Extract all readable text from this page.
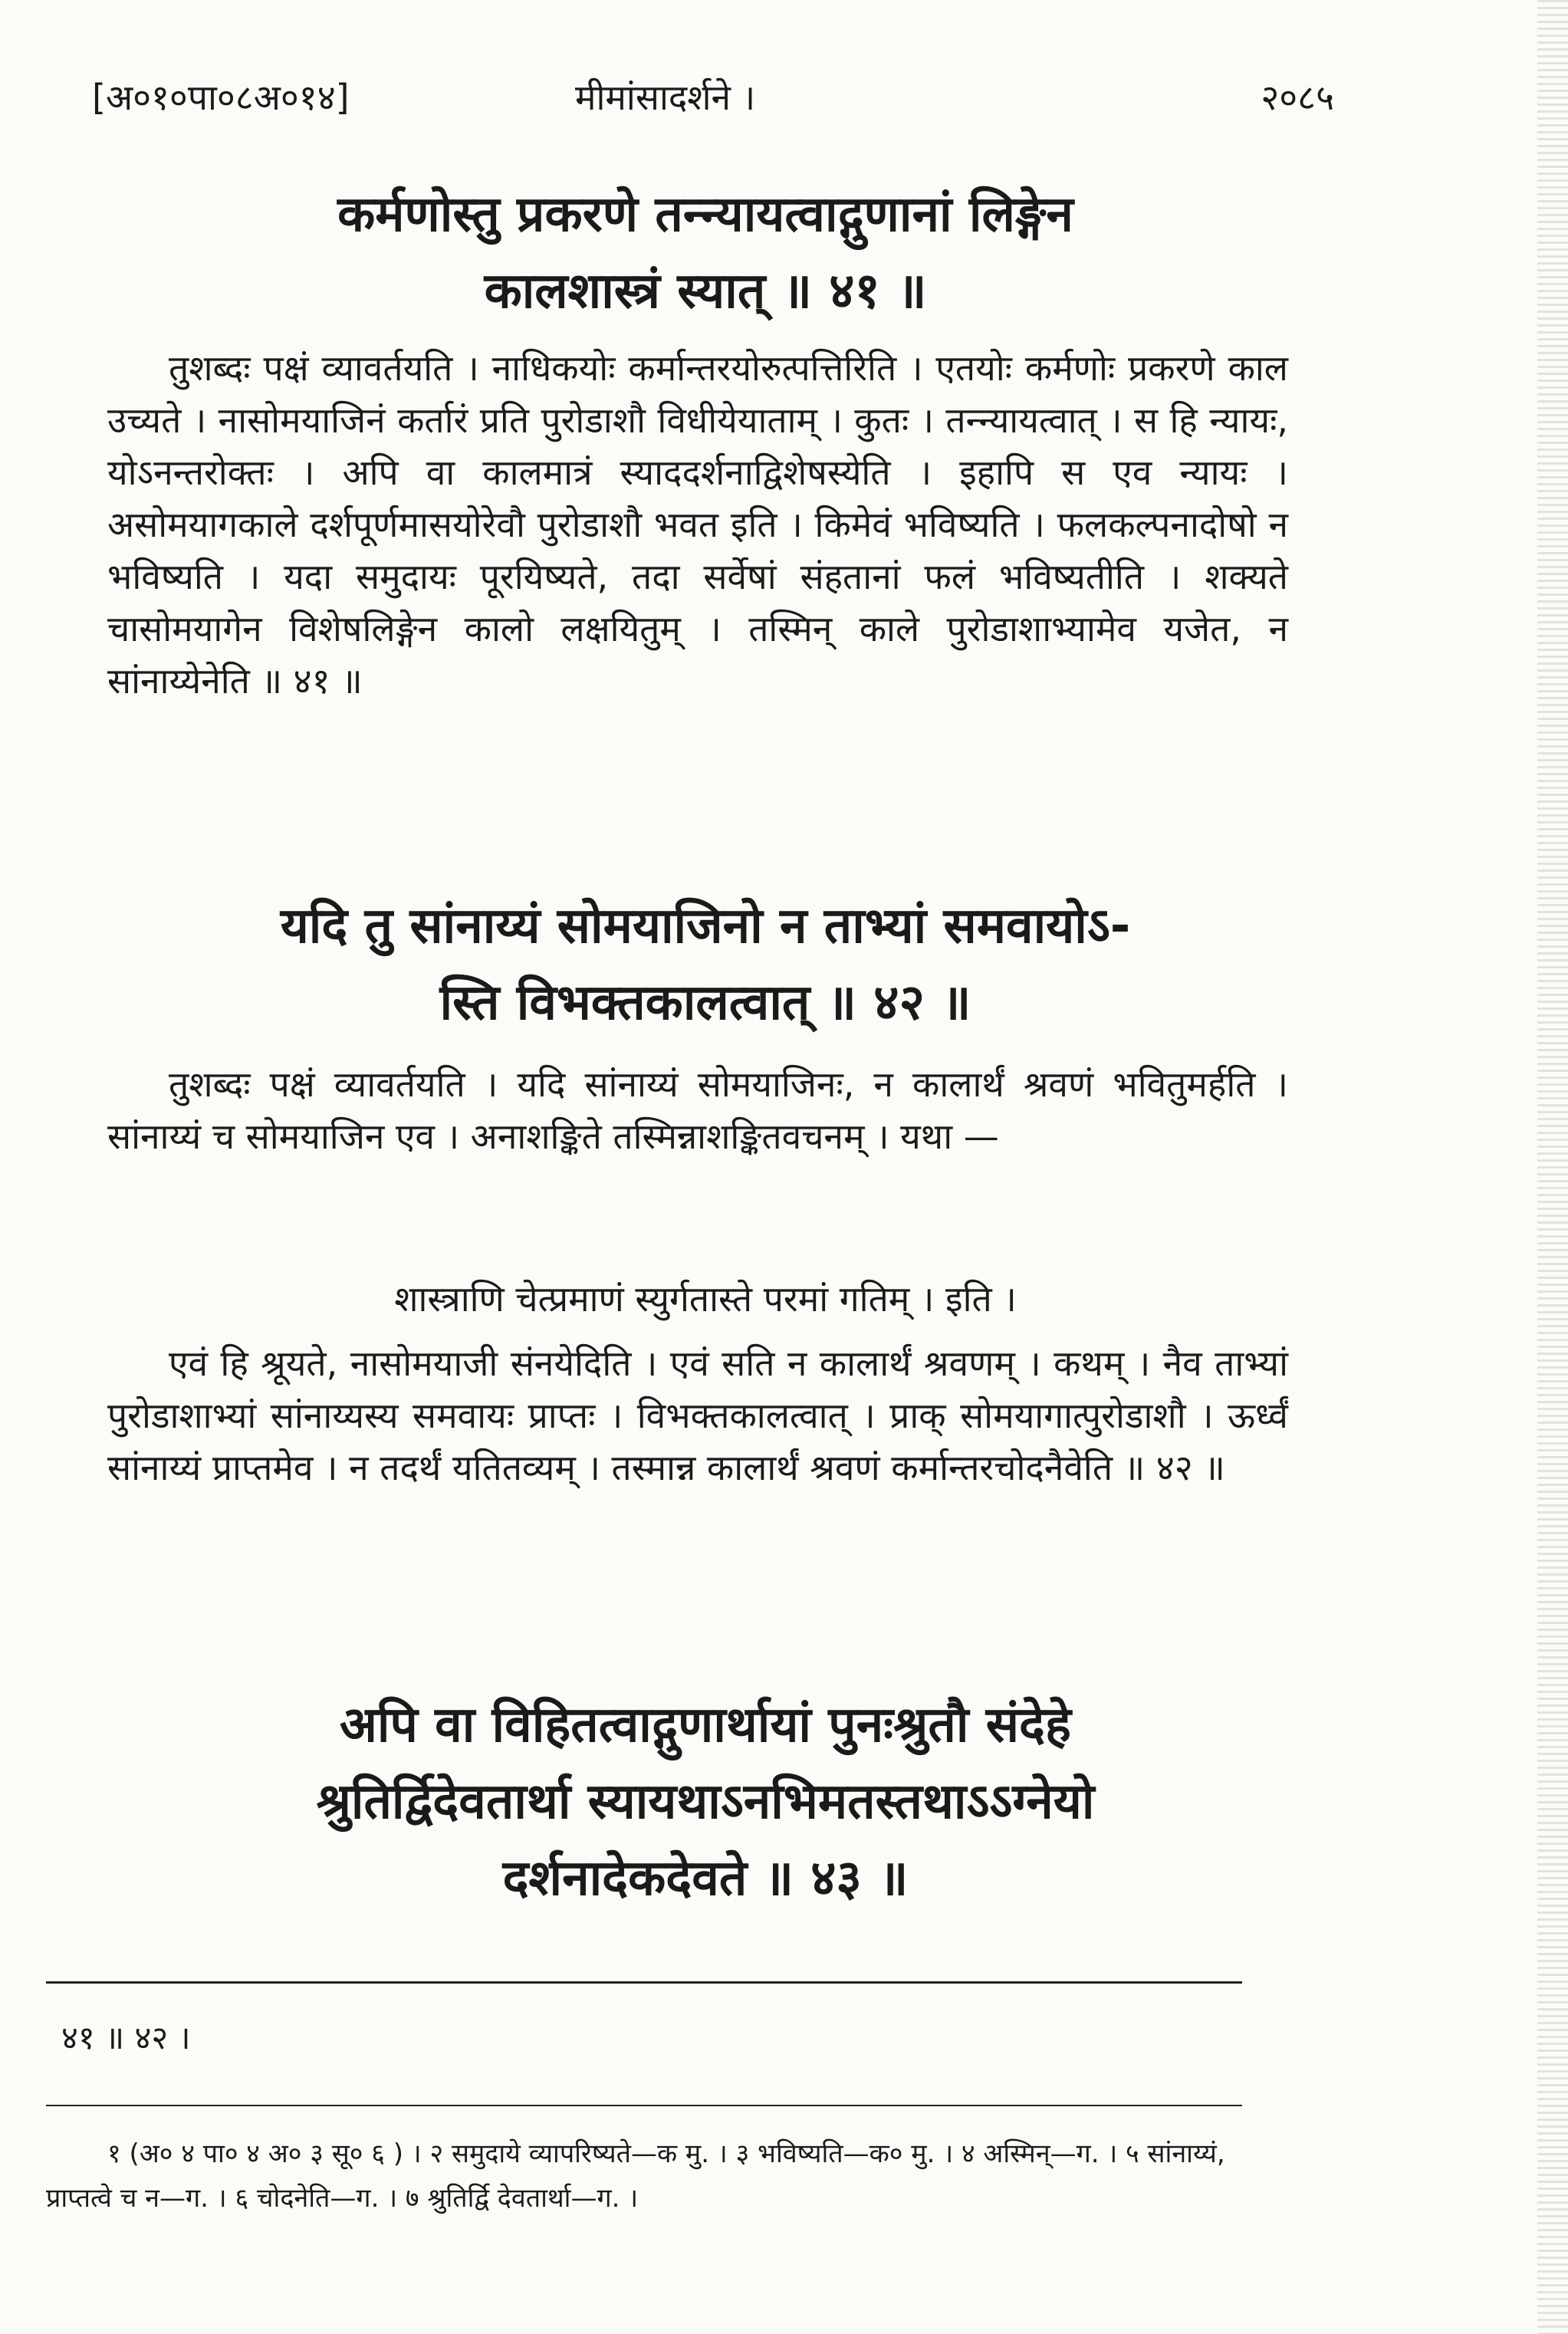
[अ०१०पा०८अ०१४]	मीमांसादर्शने ।	२०८५
कर्मणोस्तु प्रकरणे तन्न्यायत्वाद्गुणानां लिङ्गेन
कालशास्त्रं स्यात् ॥ ४१ ॥

तुशब्दः पक्षं व्यावर्तयति । नाधिकयोः कर्मान्तरयोरुत्पत्तिरिति । एतयोः कर्मणोः प्रकरणे काल उच्यते । नासोमयाजिनं कर्तारं प्रति पुरोडाशौ विधीयेयाताम् । कुतः । तन्न्यायत्वात् । स हि न्यायः, योऽनन्तरोक्तः । अपि वा कालमात्रं स्याददर्शनाद्विशेषस्येति । इहापि स एव न्यायः । असोमयागकाले दर्शपूर्णमासयोरेवौ पुरोडाशौ भवत इति । किमेवं भविष्यति । फलकल्पनादोषो न भविष्यति । यदा समुदायः पूरयिष्यते, तदा सर्वेषां संहतानां फलं भविष्यतीति । शक्यते चासोमयागेन विशेषलिङ्गेन कालो लक्षयितुम् । तस्मिन् काले पुरोडाशाभ्यामेव यजेत, न सांनाय्येनेति ॥ ४१ ॥

यदि तु सांनाय्यं सोमयाजिनो न ताभ्यां समवायोऽ-
स्ति विभक्तकालत्वात् ॥ ४२ ॥

तुशब्दः पक्षं व्यावर्तयति । यदि सांनाय्यं सोमयाजिनः, न कालार्थं श्रवणं भवितुमर्हति । सांनाय्यं च सोमयाजिन एव । अनाशङ्किते तस्मिन्नाशङ्कितवचनम् । यथा —

शास्त्राणि चेत्प्रमाणं स्युर्गतास्ते परमां गतिम् । इति ।

एवं हि श्रूयते, नासोमयाजी संनयेदिति । एवं सति न कालार्थं श्रवणम् । कथम् । नैव ताभ्यां पुरोडाशाभ्यां सांनाय्यस्य समवायः प्राप्तः । विभक्तकालत्वात् । प्राक् सोमयागात्पुरोडाशौ । ऊर्ध्वं सांनाय्यं प्राप्तमेव । न तदर्थं यतितव्यम् । तस्मान्न कालार्थं श्रवणं कर्मान्तरचोदनैवेति ॥ ४२ ॥

अपि वा विहितत्वाद्गुणार्थायां पुनःश्रुतौ संदेहे
श्रुतिर्द्विदेवतार्था स्यायथाऽनभिमतस्तथाऽऽग्नेयो
दर्शनादेकदेवते ॥ ४३ ॥
४१ ॥ ४२ ।

१ (अ० ४ पा० ४ अ० ३ सू० ६ ) । २ समुदाये व्यापरिष्यते—क मु. । ३ भविष्यति—क० मु. । ४ अस्मिन्—ग. । ५ सांनाय्यं, प्राप्तत्वे च न—ग. । ६ चोदनेति—ग. । ७ श्रुतिर्द्वि देवतार्था—ग. ।
